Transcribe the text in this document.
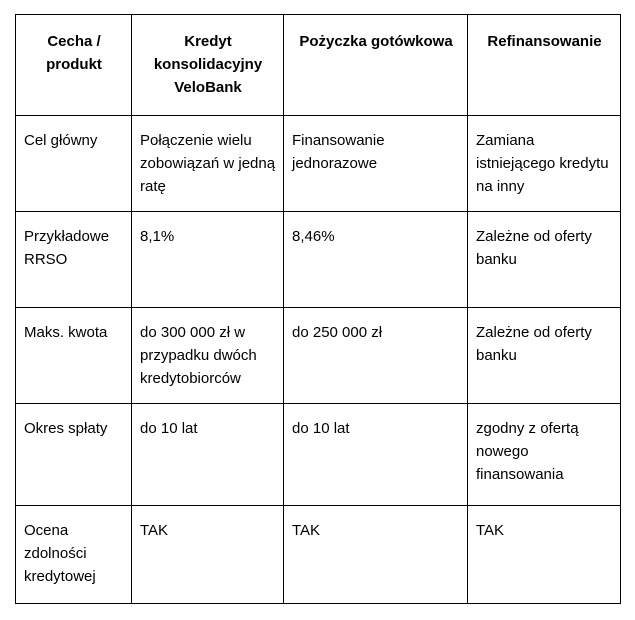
Cecha / produkt	Kredyt konsolidacyjny VeloBank	Pożyczka gotówkowa	Refinansowanie
Cel główny	Połączenie wielu zobowiązań w jedną ratę	Finansowanie jednorazowe	Zamiana istniejącego kredytu na inny
Przykładowe RRSO	8,1%	8,46%	Zależne od oferty banku
Maks. kwota	do 300 000 zł w przypadku dwóch kredytobiorców	do 250 000 zł	Zależne od oferty banku
Okres spłaty	do 10 lat	do 10 lat	zgodny z ofertą nowego finansowania
Ocena zdolności kredytowej	TAK	TAK	TAK
